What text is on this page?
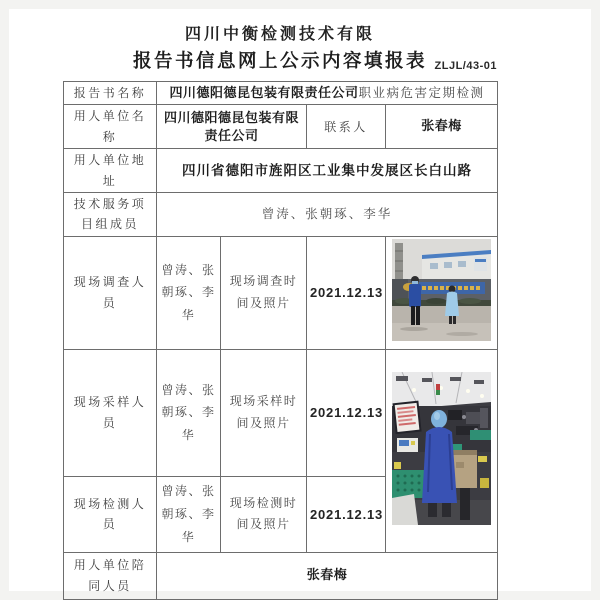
四川中衡检测技术有限
报告书信息网上公示内容填报表 ZLJL/43-01
报告书名称	四川德阳德昆包装有限责任公司职业病危害定期检测			
用人单位名称	四川德阳德昆包装有限责任公司		联系人	张春梅
用人单位地址	四川省德阳市旌阳区工业集中发展区长白山路			
技术服务项目组成员	曾涛、张朝琢、李华			
现场调查人员	曾涛、张朝琢、李华	现场调查时间及照片	2021.12.13	

现场采样人员	曾涛、张朝琢、李华	现场采样时间及照片	2021.12.13	

现场检测人员	曾涛、张朝琢、李华	现场检测时间及照片	2021.12.13	
用人单位陪同人员	张春梅			
